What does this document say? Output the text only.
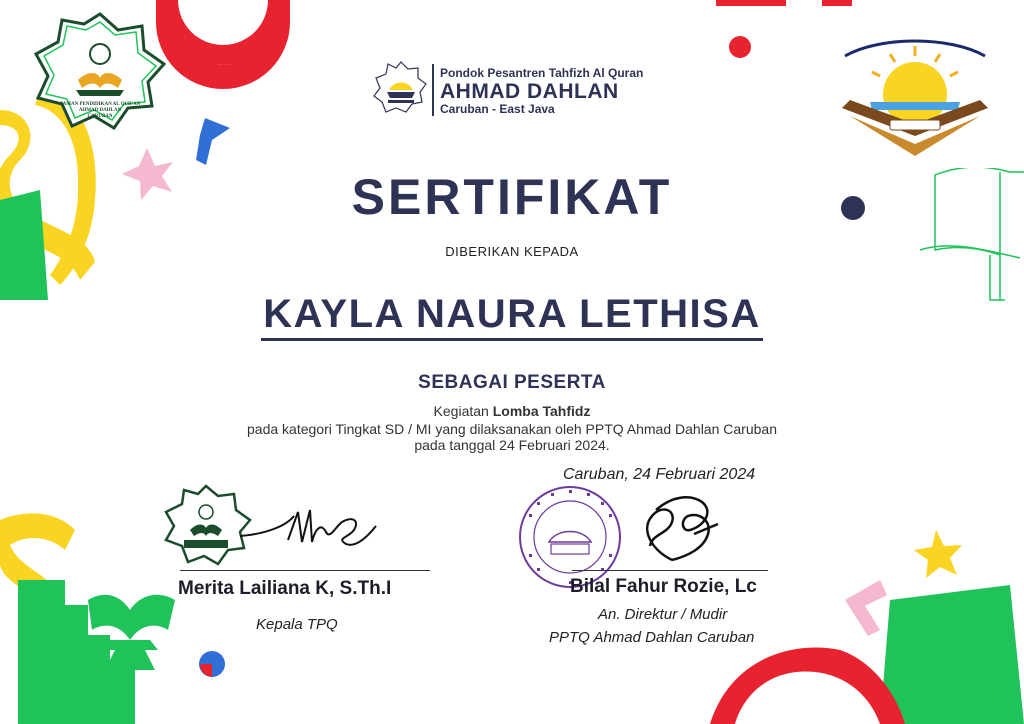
TAMAN PENDIDIKAN AL QUR'AN
AHMAD DAHLAN
CARUBAN
Pondok Pesantren Tahfizh Al Quran
AHMAD DAHLAN
Caruban - East Java
SERTIFIKAT
DIBERIKAN KEPADA
KAYLA NAURA LETHISA
SEBAGAI PESERTA
Kegiatan Lomba Tahfidz
pada kategori Tingkat SD / MI yang dilaksanakan oleh PPTQ Ahmad Dahlan Caruban
pada tanggal 24 Februari 2024.
Caruban, 24 Februari 2024
Merita Lailiana K, S.Th.I
Kepala TPQ
Bilal Fahur Rozie, Lc
An. Direktur / Mudir
PPTQ Ahmad Dahlan Caruban
